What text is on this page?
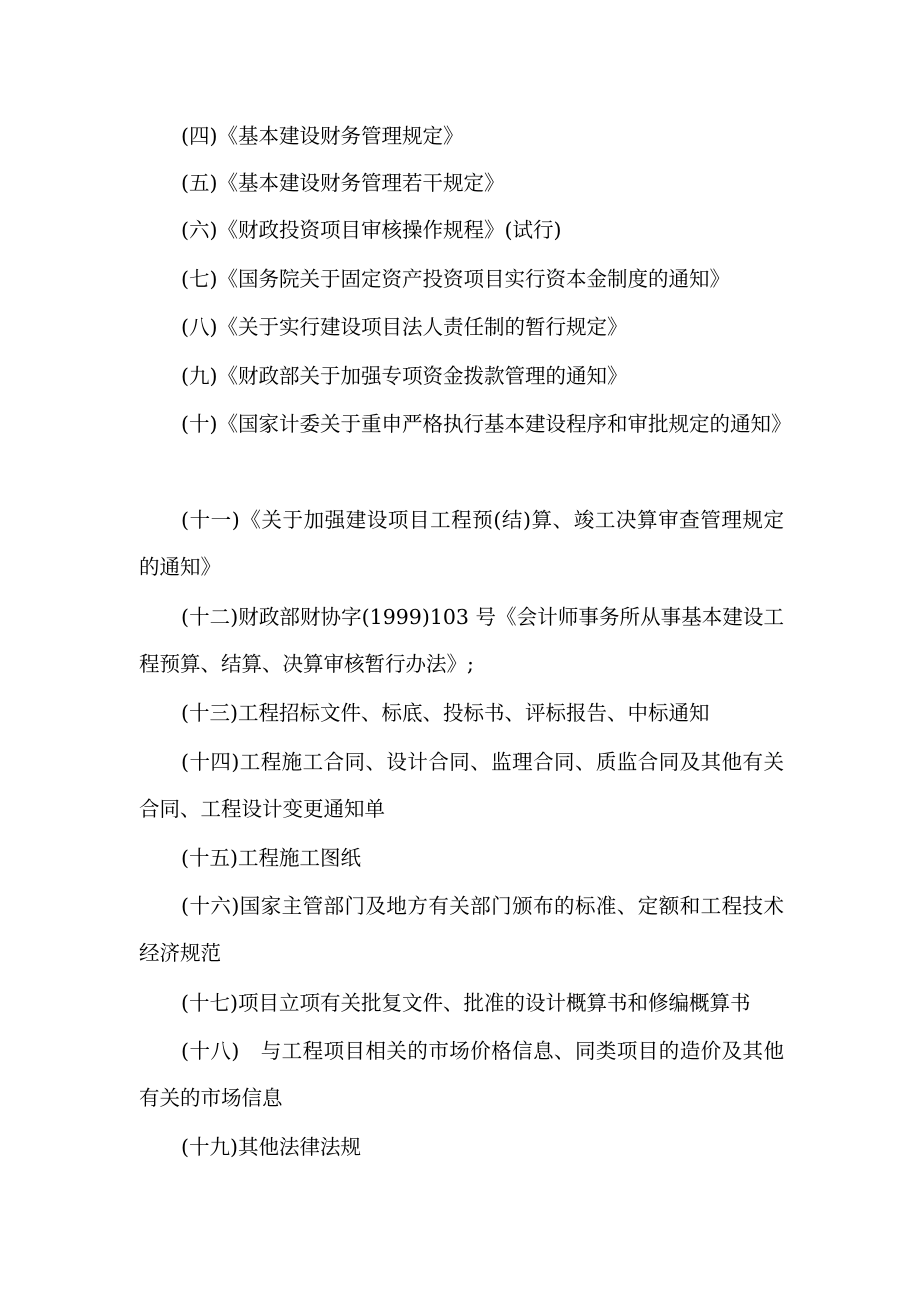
(四)《基本建设财务管理规定》

(五)《基本建设财务管理若干规定》

(六)《财政投资项目审核操作规程》(试行)

(七)《国务院关于固定资产投资项目实行资本金制度的通知》

(八)《关于实行建设项目法人责任制的暂行规定》

(九)《财政部关于加强专项资金拨款管理的通知》

(十)《国家计委关于重申严格执行基本建设程序和审批规定的通知》

(十一)《关于加强建设项目工程预(结)算、竣工决算审查管理规定的通知》

(十二)财政部财协字(1999)103 号《会计师事务所从事基本建设工程预算、结算、决算审核暂行办法》;

(十三)工程招标文件、标底、投标书、评标报告、中标通知

(十四)工程施工合同、设计合同、监理合同、质监合同及其他有关合同、工程设计变更通知单

(十五)工程施工图纸

(十六)国家主管部门及地方有关部门颁布的标准、定额和工程技术经济规范

(十七)项目立项有关批复文件、批准的设计概算书和修编概算书

(十八)　与工程项目相关的市场价格信息、同类项目的造价及其他有关的市场信息

(十九)其他法律法规
